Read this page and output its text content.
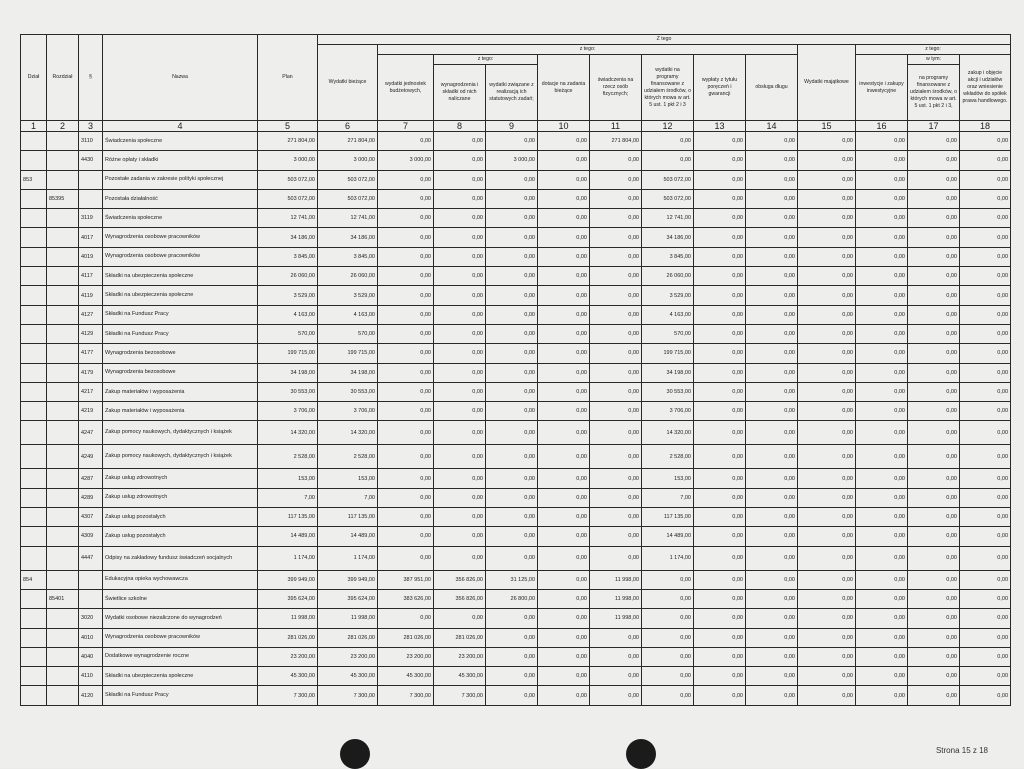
Dział	Rozdział	§	Nazwa	Plan	Z tego												
					Wydatki bieżące	z tego:								Wydatki majątkowe	z tego:		
						wydatki jednostek budżetowych,	z tego:		dotacje na zadania bieżące	świadczenia na rzecz osób fizycznych;	wydatki na programy finansowane z udziałem środków, o których mowa w art. 5 ust. 1 pkt 2 i 3	wypłaty z tytułu poręczeń i gwarancji	obsługa długu		inwestycje i zakupy inwestycyjne	w tym:	zakup i objęcie akcji i udziałów oraz wniesienie wkładów do spółek prawa handlowego.
							wynagrodzenia i składki od nich naliczane	wydatki związane z realizacją ich statutowych zadań;								na programy finansowane z udziałem środków, o których mowa w art. 5 ust. 1 pkt 2 i 3,	
1	2	3	4	5	6	7	8	9	10	11	12	13	14	15	16	17	18
		3110	Świadczenia społeczne	271 804,00	271 804,00	0,00	0,00	0,00	0,00	271 804,00	0,00	0,00	0,00	0,00	0,00	0,00	0,00
		4430	Różne opłaty i składki	3 000,00	3 000,00	3 000,00	0,00	3 000,00	0,00	0,00	0,00	0,00	0,00	0,00	0,00	0,00	0,00
853			Pozostałe zadania w zakresie polityki społecznej	503 072,00	503 072,00	0,00	0,00	0,00	0,00	0,00	503 072,00	0,00	0,00	0,00	0,00	0,00	0,00
	85395		Pozostała działalność	503 072,00	503 072,00	0,00	0,00	0,00	0,00	0,00	503 072,00	0,00	0,00	0,00	0,00	0,00	0,00
		3119	Świadczenia społeczne	12 741,00	12 741,00	0,00	0,00	0,00	0,00	0,00	12 741,00	0,00	0,00	0,00	0,00	0,00	0,00
		4017	Wynagrodzenia osobowe pracowników	34 186,00	34 186,00	0,00	0,00	0,00	0,00	0,00	34 186,00	0,00	0,00	0,00	0,00	0,00	0,00
		4019	Wynagrodzenia osobowe pracowników	3 845,00	3 845,00	0,00	0,00	0,00	0,00	0,00	3 845,00	0,00	0,00	0,00	0,00	0,00	0,00
		4117	Składki na ubezpieczenia społeczne	26 060,00	26 060,00	0,00	0,00	0,00	0,00	0,00	26 060,00	0,00	0,00	0,00	0,00	0,00	0,00
		4119	Składki na ubezpieczenia społeczne	3 529,00	3 529,00	0,00	0,00	0,00	0,00	0,00	3 529,00	0,00	0,00	0,00	0,00	0,00	0,00
		4127	Składki na Fundusz Pracy	4 163,00	4 163,00	0,00	0,00	0,00	0,00	0,00	4 163,00	0,00	0,00	0,00	0,00	0,00	0,00
		4129	Składki na Fundusz Pracy	570,00	570,00	0,00	0,00	0,00	0,00	0,00	570,00	0,00	0,00	0,00	0,00	0,00	0,00
		4177	Wynagrodzenia bezosobowe	199 715,00	199 715,00	0,00	0,00	0,00	0,00	0,00	199 715,00	0,00	0,00	0,00	0,00	0,00	0,00
		4179	Wynagrodzenia bezosobowe	34 198,00	34 198,00	0,00	0,00	0,00	0,00	0,00	34 198,00	0,00	0,00	0,00	0,00	0,00	0,00
		4217	Zakup materiałów i wyposażenia	30 553,00	30 553,00	0,00	0,00	0,00	0,00	0,00	30 553,00	0,00	0,00	0,00	0,00	0,00	0,00
		4219	Zakup materiałów i wyposażenia	3 706,00	3 706,00	0,00	0,00	0,00	0,00	0,00	3 706,00	0,00	0,00	0,00	0,00	0,00	0,00
		4247	Zakup pomocy naukowych, dydaktycznych i książek	14 320,00	14 320,00	0,00	0,00	0,00	0,00	0,00	14 320,00	0,00	0,00	0,00	0,00	0,00	0,00
		4249	Zakup pomocy naukowych, dydaktycznych i książek	2 528,00	2 528,00	0,00	0,00	0,00	0,00	0,00	2 528,00	0,00	0,00	0,00	0,00	0,00	0,00
		4287	Zakup usług zdrowotnych	153,00	153,00	0,00	0,00	0,00	0,00	0,00	153,00	0,00	0,00	0,00	0,00	0,00	0,00
		4289	Zakup usług zdrowotnych	7,00	7,00	0,00	0,00	0,00	0,00	0,00	7,00	0,00	0,00	0,00	0,00	0,00	0,00
		4307	Zakup usług pozostałych	117 135,00	117 135,00	0,00	0,00	0,00	0,00	0,00	117 135,00	0,00	0,00	0,00	0,00	0,00	0,00
		4309	Zakup usług pozostałych	14 489,00	14 489,00	0,00	0,00	0,00	0,00	0,00	14 489,00	0,00	0,00	0,00	0,00	0,00	0,00
		4447	Odpisy na zakładowy fundusz świadczeń socjalnych	1 174,00	1 174,00	0,00	0,00	0,00	0,00	0,00	1 174,00	0,00	0,00	0,00	0,00	0,00	0,00
854			Edukacyjna opieka wychowawcza	399 949,00	399 949,00	387 951,00	356 826,00	31 125,00	0,00	11 998,00	0,00	0,00	0,00	0,00	0,00	0,00	0,00
	85401		Świetlice szkolne	395 624,00	395 624,00	383 626,00	356 826,00	26 800,00	0,00	11 998,00	0,00	0,00	0,00	0,00	0,00	0,00	0,00
		3020	Wydatki osobowe niezaliczone do wynagrodzeń	11 998,00	11 998,00	0,00	0,00	0,00	0,00	11 998,00	0,00	0,00	0,00	0,00	0,00	0,00	0,00
		4010	Wynagrodzenia osobowe pracowników	281 026,00	281 026,00	281 026,00	281 026,00	0,00	0,00	0,00	0,00	0,00	0,00	0,00	0,00	0,00	0,00
		4040	Dodatkowe wynagrodzenie roczne	23 200,00	23 200,00	23 200,00	23 200,00	0,00	0,00	0,00	0,00	0,00	0,00	0,00	0,00	0,00	0,00
		4110	Składki na ubezpieczenia społeczne	45 300,00	45 300,00	45 300,00	45 300,00	0,00	0,00	0,00	0,00	0,00	0,00	0,00	0,00	0,00	0,00
		4120	Składki na Fundusz Pracy	7 300,00	7 300,00	7 300,00	7 300,00	0,00	0,00	0,00	0,00	0,00	0,00	0,00	0,00	0,00	0,00
Strona 15 z 18
